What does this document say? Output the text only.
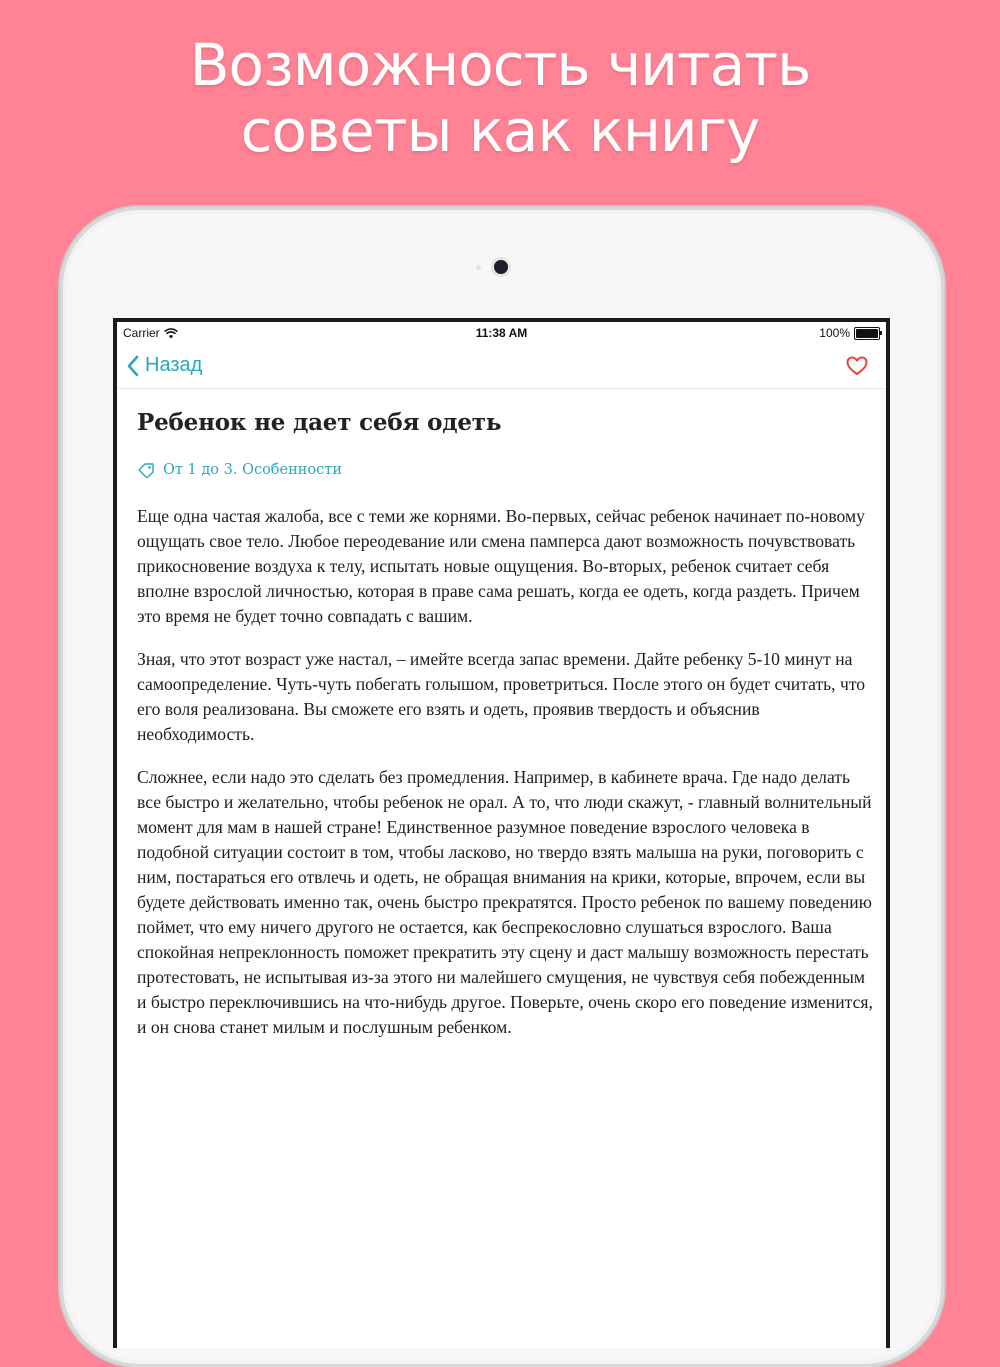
Возможность читать
советы как книгу
Carrier	11:38 AM	100%
Назад
Ребенок не дает себя одеть
От 1 до 3. Особенности

Еще одна частая жалоба, все с теми же корнями. Во-первых, сейчас ребенок начинает по-новому ощущать свое тело. Любое переодевание или смена памперса дают возможность почувствовать прикосновение воздуха к телу, испытать новые ощущения. Во-вторых, ребенок считает себя вполне взрослой личностью, которая в праве сама решать, когда ее одеть, когда раздеть. Причем это время не будет точно совпадать с вашим.

Зная, что этот возраст уже настал, – имейте всегда запас времени. Дайте ребенку 5-10 минут на самоопределение. Чуть-чуть побегать голышом, проветриться. После этого он будет считать, что его воля реализована. Вы сможете его взять и одеть, проявив твердость и объяснив необходимость.

Сложнее, если надо это сделать без промедления. Например, в кабинете врача. Где надо делать все быстро и желательно, чтобы ребенок не орал. А то, что люди скажут, - главный волнительный момент для мам в нашей стране! Единственное разумное поведение взрослого человека в подобной ситуации состоит в том, чтобы ласково, но твердо взять малыша на руки, поговорить с ним, постараться его отвлечь и одеть, не обращая внимания на крики, которые, впрочем, если вы будете действовать именно так, очень быстро прекратятся. Просто ребенок по вашему поведению поймет, что ему ничего другого не остается, как беспрекословно слушаться взрослого. Ваша спокойная непреклонность поможет прекратить эту сцену и даст малышу возможность перестать протестовать, не испытывая из-за этого ни малейшего смущения, не чувствуя себя побежденным и быстро переключившись на что-нибудь другое. Поверьте, очень скоро его поведение изменится, и он снова станет милым и послушным ребенком.
